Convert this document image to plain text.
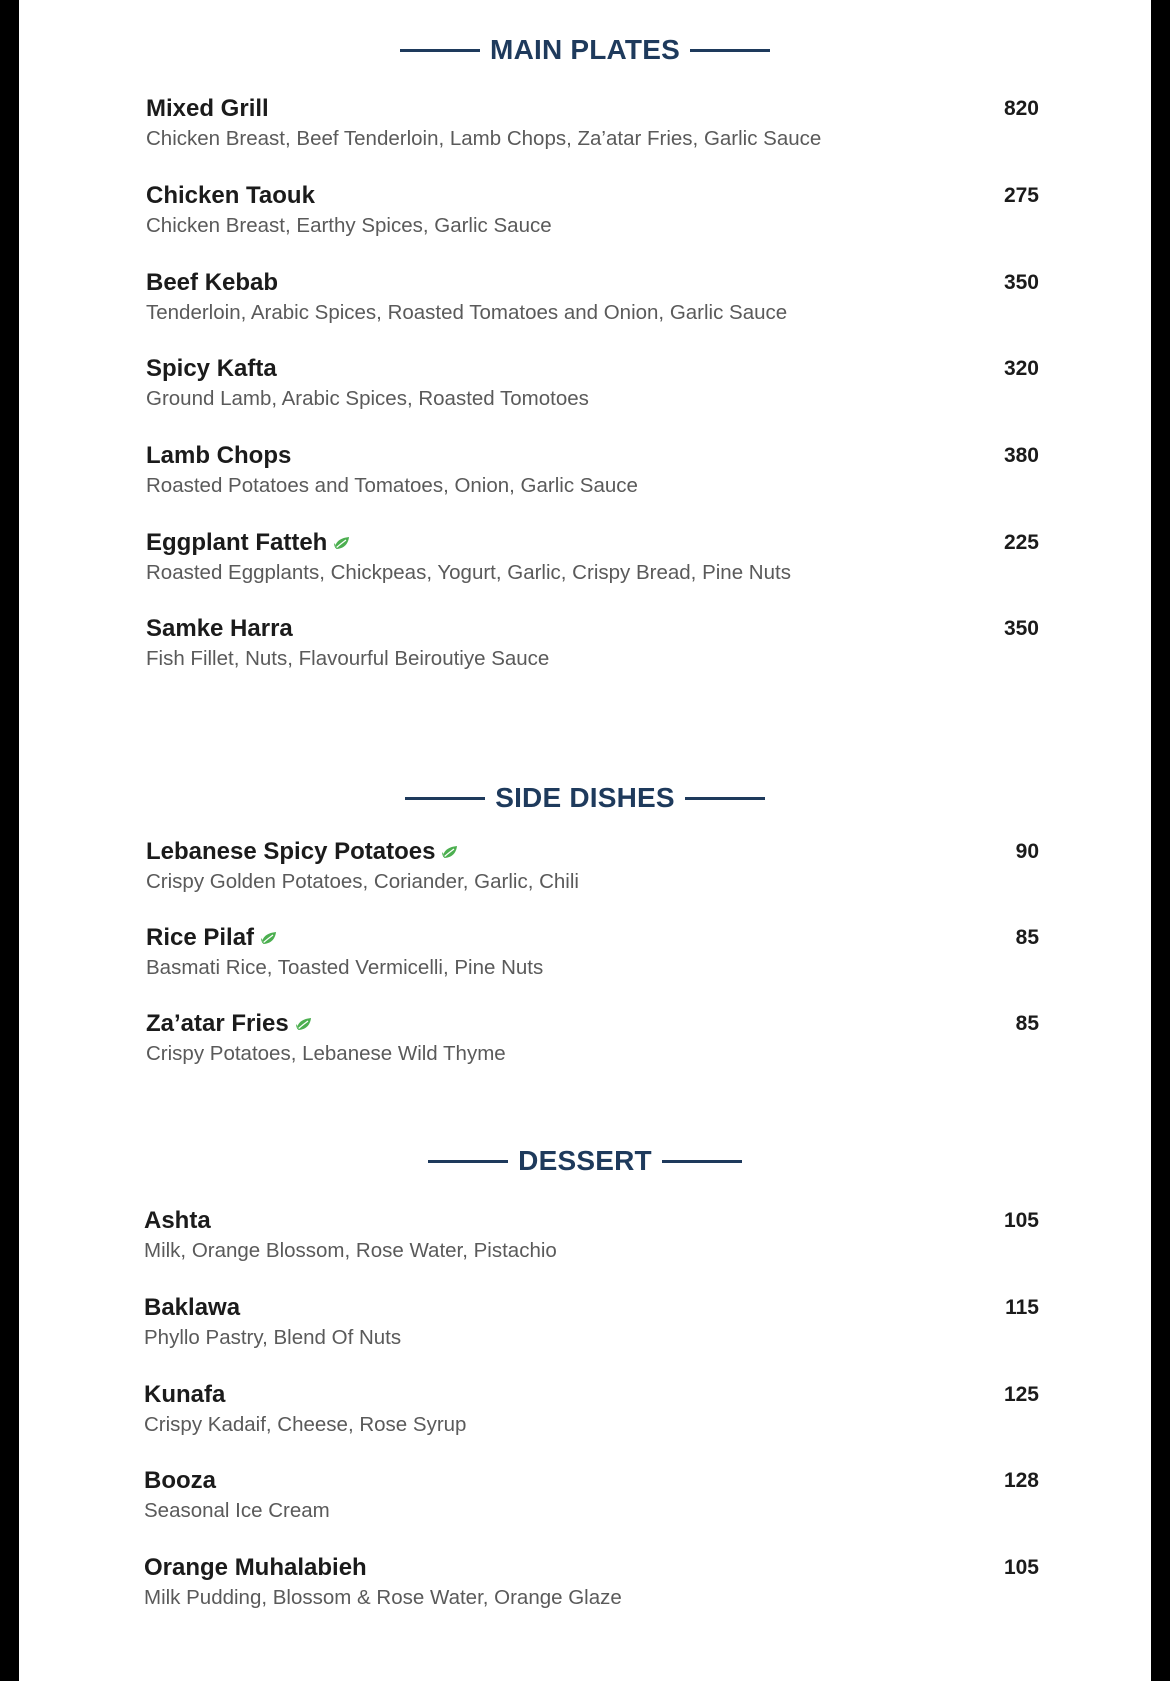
MAIN PLATES
Mixed Grill	820
Chicken Breast, Beef Tenderloin, Lamb Chops, Za’atar Fries, Garlic Sauce
Chicken Taouk	275
Chicken Breast, Earthy Spices, Garlic Sauce
Beef Kebab	350
Tenderloin, Arabic Spices, Roasted Tomatoes and Onion, Garlic Sauce
Spicy Kafta	320
Ground Lamb, Arabic Spices, Roasted Tomotoes
Lamb Chops	380
Roasted Potatoes and Tomatoes, Onion, Garlic Sauce
Eggplant Fatteh	225
Roasted Eggplants, Chickpeas, Yogurt, Garlic, Crispy Bread, Pine Nuts
Samke Harra	350
Fish Fillet, Nuts, Flavourful Beiroutiye Sauce
SIDE DISHES
Lebanese Spicy Potatoes	90
Crispy Golden Potatoes, Coriander, Garlic, Chili
Rice Pilaf	85
Basmati Rice, Toasted Vermicelli, Pine Nuts
Za’atar Fries	85
Crispy Potatoes, Lebanese Wild Thyme
DESSERT
Ashta	105
Milk, Orange Blossom, Rose Water, Pistachio
Baklawa	115
Phyllo Pastry, Blend Of Nuts
Kunafa	125
Crispy Kadaif, Cheese, Rose Syrup
Booza	128
Seasonal Ice Cream
Orange Muhalabieh	105
Milk Pudding, Blossom & Rose Water, Orange Glaze
